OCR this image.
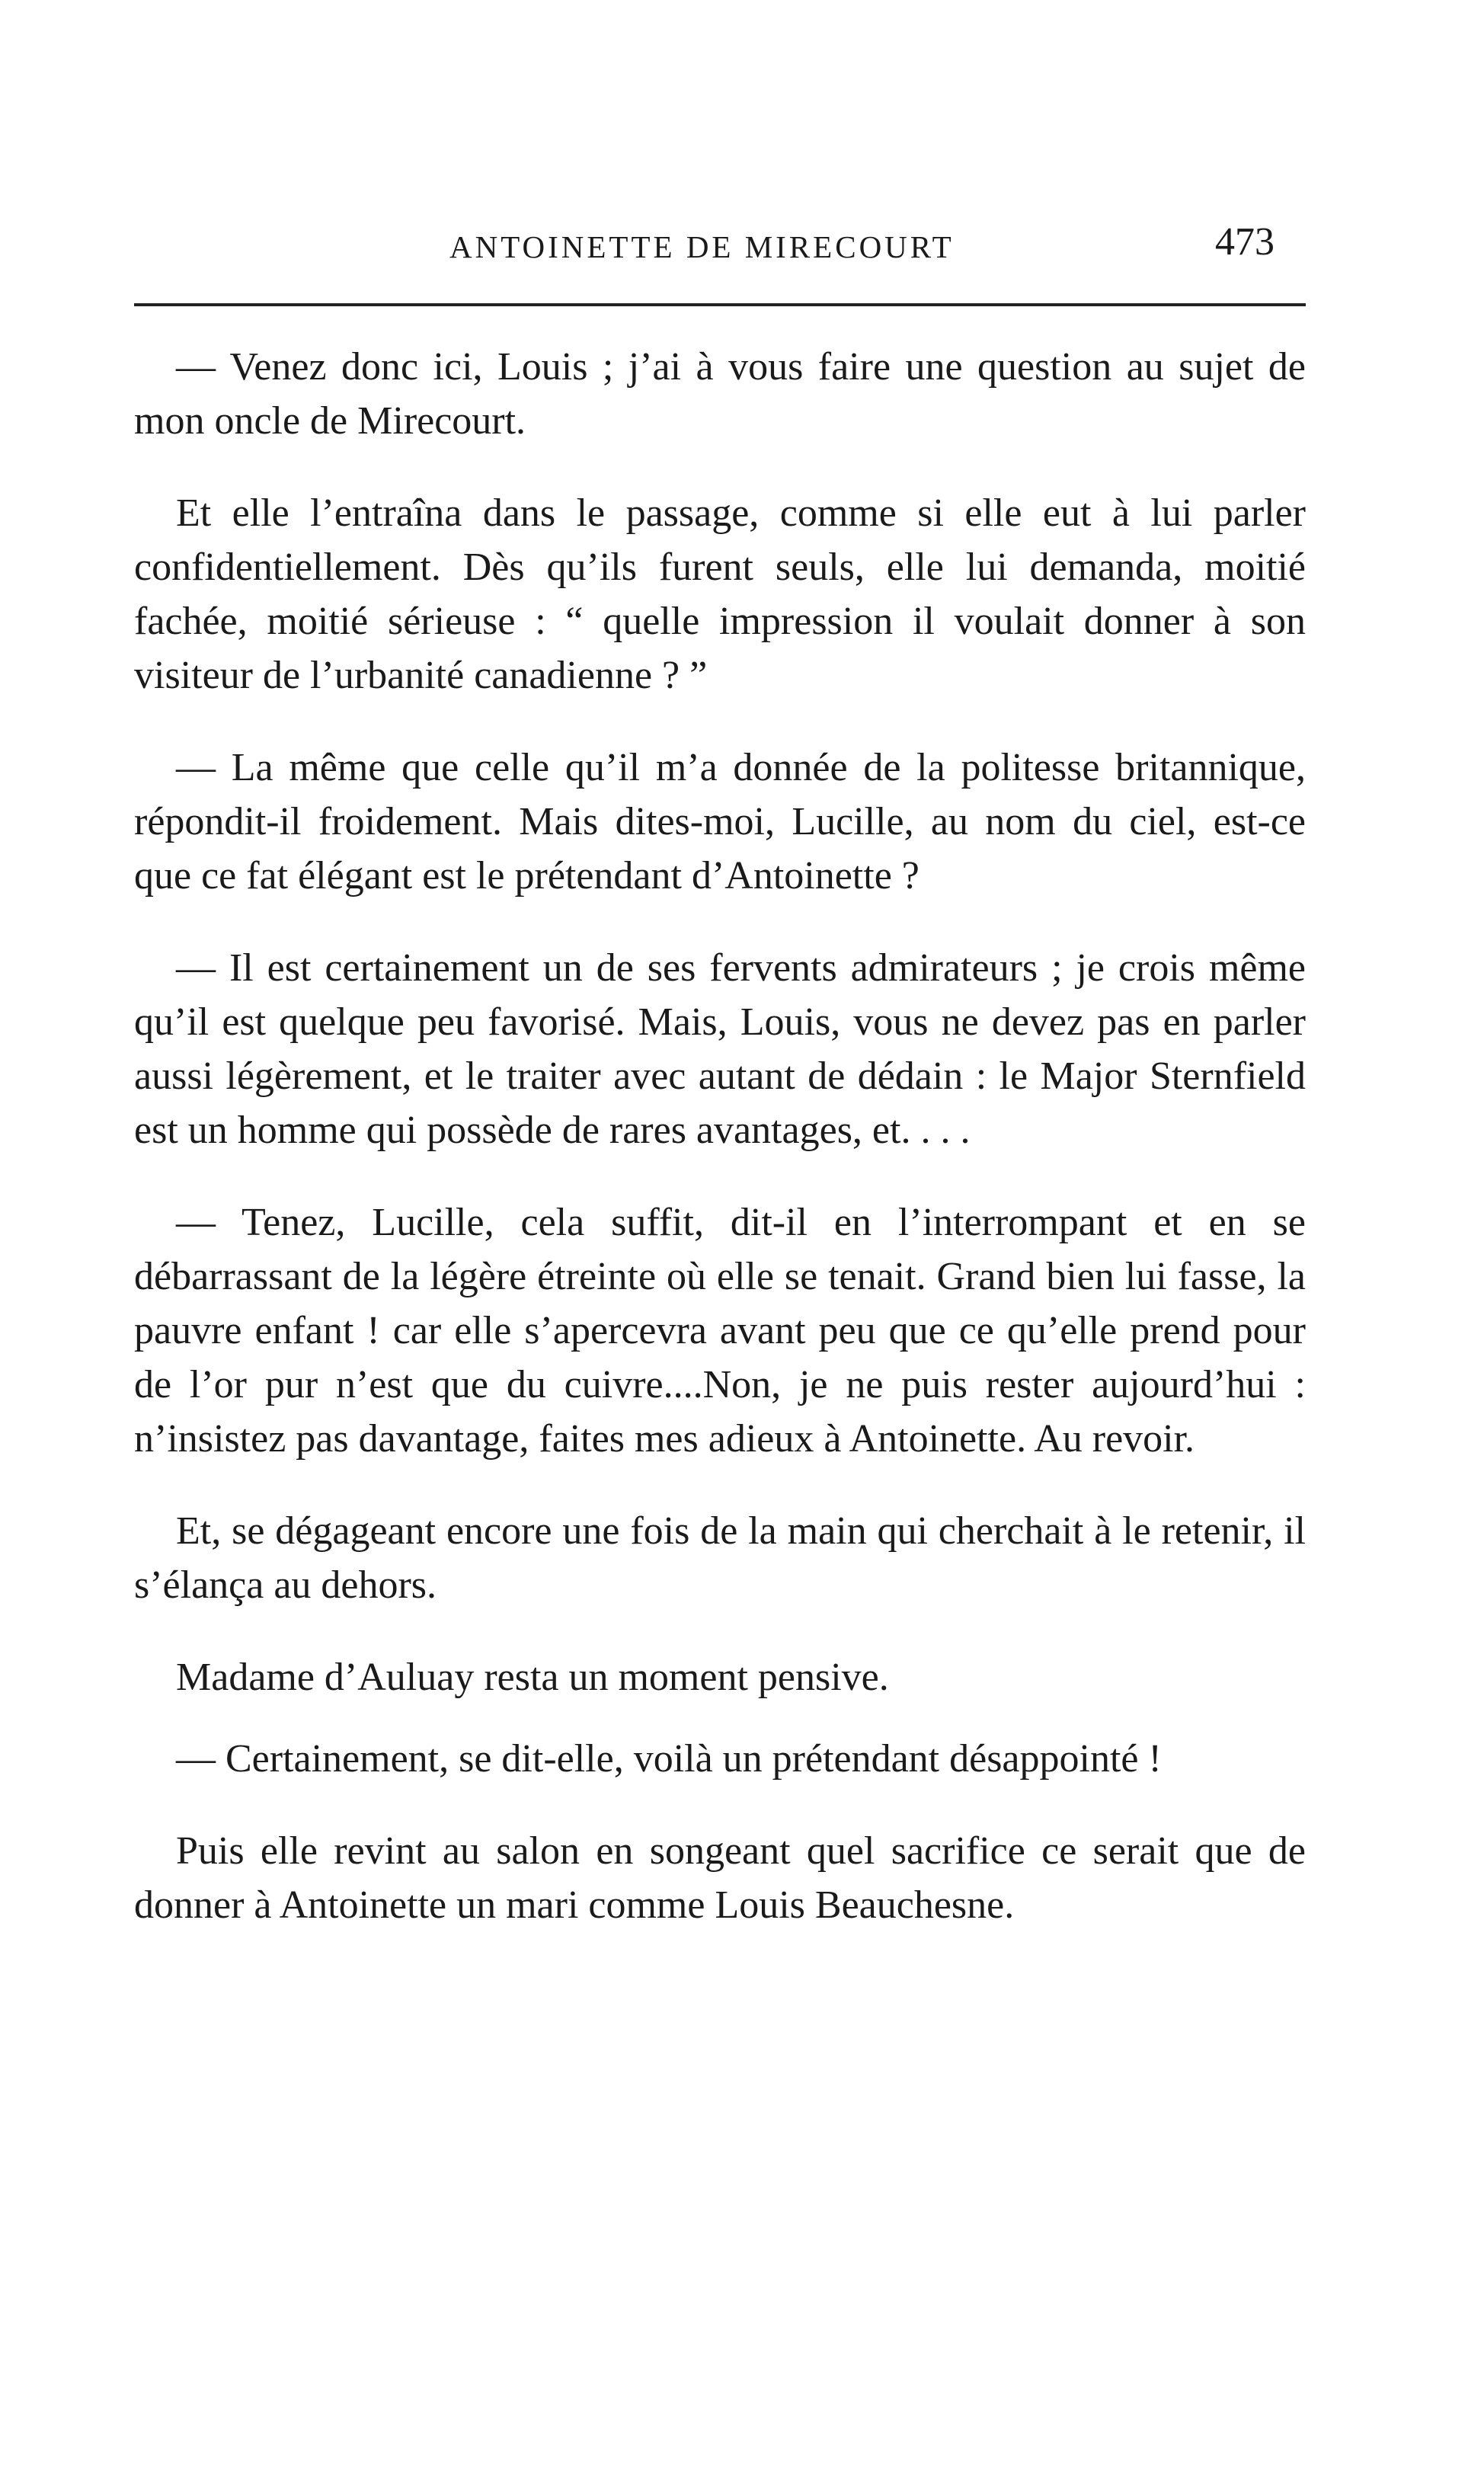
ANTOINETTE DE MIRECOURT	473

— Venez donc ici, Louis ; j’ai à vous faire une question au sujet de mon oncle de Mirecourt.

Et elle l’entraîna dans le passage, comme si elle eut à lui parler confidentiellement. Dès qu’ils furent seuls, elle lui demanda, moitié fachée, moitié sérieuse : “ quelle impression il voulait donner à son visiteur de l’urbanité canadienne ? ”

— La même que celle qu’il m’a donnée de la politesse britannique, répondit-il froidement. Mais dites-moi, Lucille, au nom du ciel, est-ce que ce fat élégant est le prétendant d’Antoinette ?

— Il est certainement un de ses fervents admirateurs ; je crois même qu’il est quelque peu favorisé. Mais, Louis, vous ne devez pas en parler aussi légèrement, et le traiter avec autant de dédain : le Major Sternfield est un homme qui possède de rares avantages, et. . . .

— Tenez, Lucille, cela suffit, dit-il en l’interrompant et en se débarrassant de la légère étreinte où elle se tenait. Grand bien lui fasse, la pauvre enfant ! car elle s’apercevra avant peu que ce qu’elle prend pour de l’or pur n’est que du cuivre....Non, je ne puis rester aujourd’hui : n’insistez pas davantage, faites mes adieux à Antoinette. Au revoir.

Et, se dégageant encore une fois de la main qui cherchait à le retenir, il s’élança au dehors.

Madame d’Auluay resta un moment pensive.

— Certainement, se dit-elle, voilà un prétendant désappointé !

Puis elle revint au salon en songeant quel sacrifice ce serait que de donner à Antoinette un mari comme Louis Beauchesne.
